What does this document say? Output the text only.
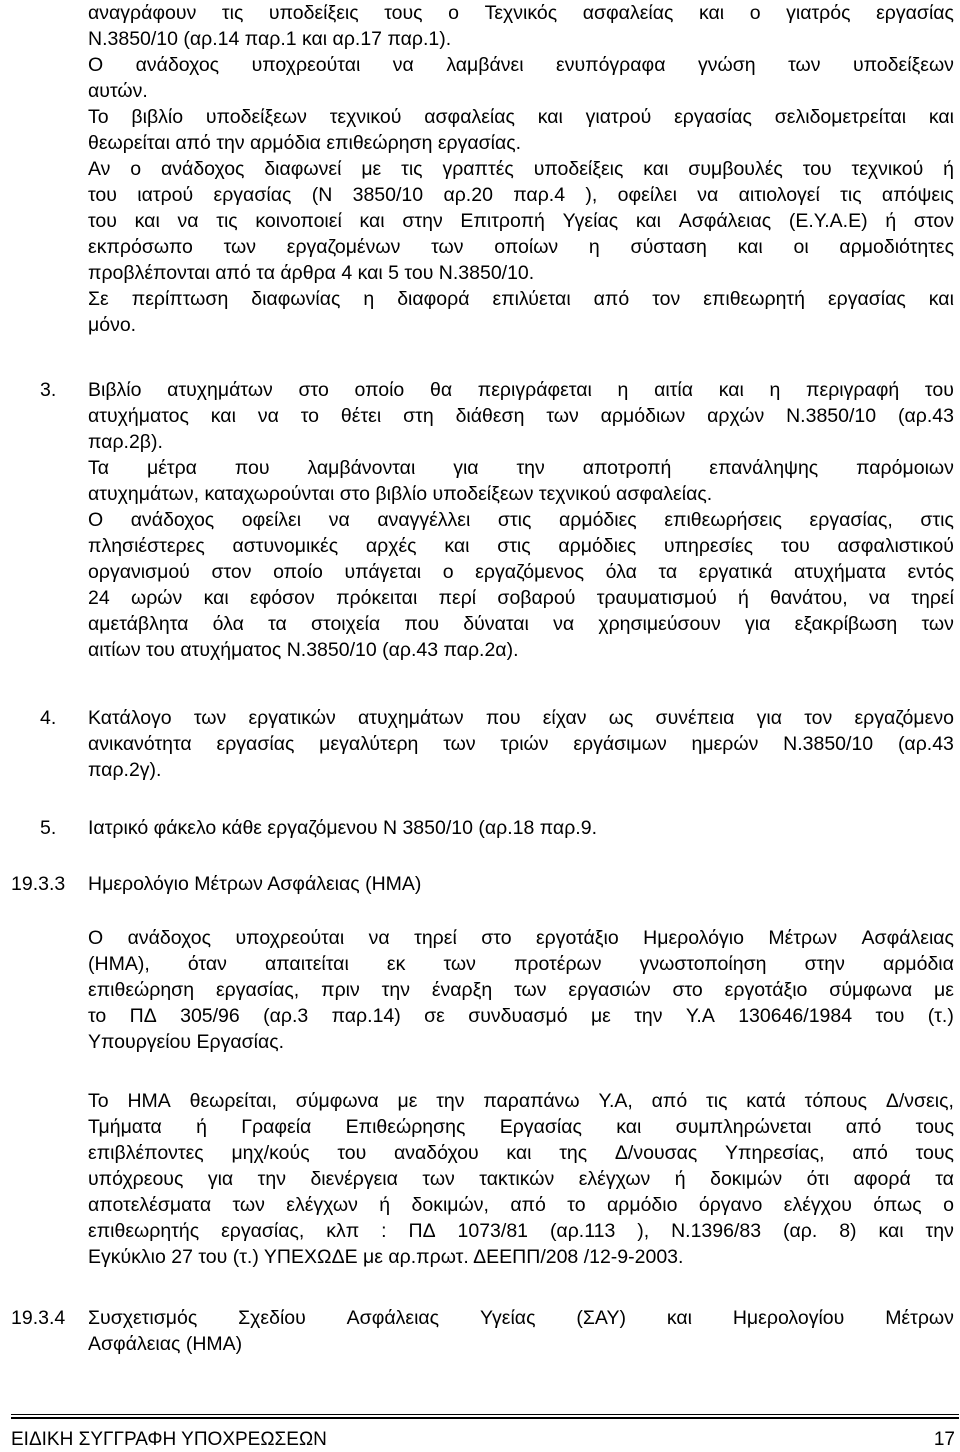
αναγράφουν τις υποδείξεις τους ο Τεχνικός ασφαλείας και ο γιατρός εργασίας
Ν.3850/10 (αρ.14 παρ.1 και αρ.17 παρ.1).
Ο ανάδοχος υποχρεούται να λαμβάνει ενυπόγραφα γνώση των υποδείξεων
αυτών.
Το βιβλίο υποδείξεων τεχνικού ασφαλείας και γιατρού εργασίας σελιδομετρείται και
θεωρείται από την αρμόδια επιθεώρηση εργασίας.
Αν ο ανάδοχος διαφωνεί με τις γραπτές υποδείξεις και συμβουλές του τεχνικού ή
του ιατρού εργασίας (Ν 3850/10 αρ.20 παρ.4 ), οφείλει να αιτιολογεί τις απόψεις
του και να τις κοινοποιεί και στην Επιτροπή Υγείας και Ασφάλειας (Ε.Υ.Α.Ε) ή στον
εκπρόσωπο των εργαζομένων των οποίων η σύσταση και οι αρμοδιότητες
προβλέπονται από τα άρθρα 4 και 5 του Ν.3850/10.
Σε περίπτωση διαφωνίας η διαφορά επιλύεται από τον επιθεωρητή εργασίας και
μόνο.
3. Βιβλίο ατυχημάτων στο οποίο θα περιγράφεται η αιτία και η περιγραφή του
ατυχήματος και να το θέτει στη διάθεση των αρμόδιων αρχών Ν.3850/10 (αρ.43
παρ.2β).
Τα μέτρα που λαμβάνονται για την αποτροπή επανάληψης παρόμοιων
ατυχημάτων, καταχωρούνται στο βιβλίο υποδείξεων τεχνικού ασφαλείας.
Ο ανάδοχος οφείλει να αναγγέλλει στις αρμόδιες επιθεωρήσεις εργασίας, στις
πλησιέστερες αστυνομικές αρχές και στις αρμόδιες υπηρεσίες του ασφαλιστικού
οργανισμού στον οποίο υπάγεται ο εργαζόμενος όλα τα εργατικά ατυχήματα εντός
24 ωρών και εφόσον πρόκειται περί σοβαρού τραυματισμού ή θανάτου, να τηρεί
αμετάβλητα όλα τα στοιχεία που δύναται να χρησιμεύσουν για εξακρίβωση των
αιτίων του ατυχήματος Ν.3850/10 (αρ.43 παρ.2α).
4. Κατάλογο των εργατικών ατυχημάτων που είχαν ως συνέπεια για τον εργαζόμενο
ανικανότητα εργασίας μεγαλύτερη των τριών εργάσιμων ημερών Ν.3850/10 (αρ.43
παρ.2γ).
5. Ιατρικό φάκελο κάθε εργαζόμενου Ν 3850/10 (αρ.18 παρ.9.
19.3.3 Ημερολόγιο Μέτρων Ασφάλειας (ΗΜΑ)
Ο ανάδοχος υποχρεούται να τηρεί στο εργοτάξιο Ημερολόγιο Μέτρων Ασφάλειας
(ΗΜΑ), όταν απαιτείται εκ των προτέρων γνωστοποίηση στην αρμόδια
επιθεώρηση εργασίας, πριν την έναρξη των εργασιών στο εργοτάξιο σύμφωνα με
το ΠΔ 305/96 (αρ.3 παρ.14) σε συνδυασμό με την Υ.Α 130646/1984 του (τ.)
Υπουργείου Εργασίας.
Το ΗΜΑ θεωρείται, σύμφωνα με την παραπάνω Υ.Α, από τις κατά τόπους Δ/νσεις,
Τμήματα ή Γραφεία Επιθεώρησης Εργασίας και συμπληρώνεται από τους
επιβλέποντες μηχ/κούς του αναδόχου και της Δ/νουσας Υπηρεσίας, από τους
υπόχρεους για την διενέργεια των τακτικών ελέγχων ή δοκιμών ότι αφορά τα
αποτελέσματα των ελέγχων ή δοκιμών, από το αρμόδιο όργανο ελέγχου όπως ο
επιθεωρητής εργασίας, κλπ : ΠΔ 1073/81 (αρ.113 ), Ν.1396/83 (αρ. 8) και την
Εγκύκλιο 27 του (τ.) ΥΠΕΧΩΔΕ με αρ.πρωτ. ΔΕΕΠΠ/208 /12-9-2003.
19.3.4 Συσχετισμός Σχεδίου Ασφάλειας Υγείας (ΣΑΥ) και Ημερολογίου Μέτρων
Ασφάλειας (ΗΜΑ)
ΕΙΔΙΚΗ ΣΥΓΓΡΑΦΗ ΥΠΟΧΡΕΩΣΕΩΝ	17
